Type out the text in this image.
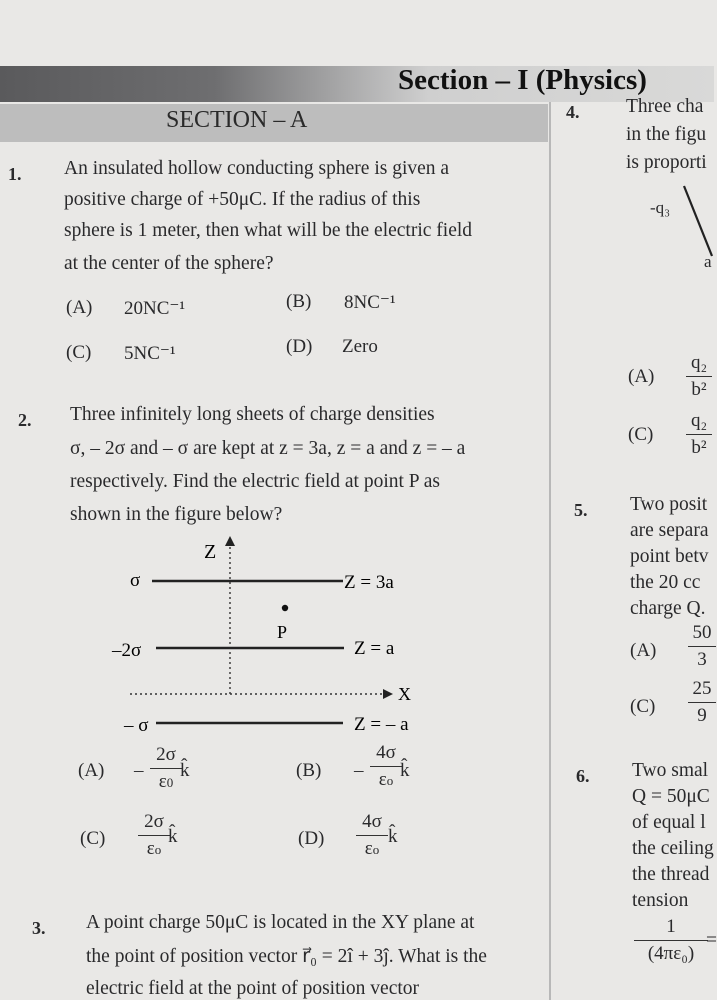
Section – I (Physics)
SECTION – A
1. An insulated hollow conducting sphere is given a
positive charge of +50μC. If the radius of this
sphere is 1 meter, then what will be the electric field
at the center of the sphere?
(A) 20NC⁻¹	(B) 8NC⁻¹
(C) 5NC⁻¹	(D) Zero
2. Three infinitely long sheets of charge densities
σ, – 2σ and – σ are kept at z = 3a, z = a and z = – a
respectively. Find the electric field at point P as
shown in the figure below?
Z
σ	Z = 3a
P
–2σ	Z = a
X
– σ	Z = – a
(A) –
2σ
ε0
k̂	(B) –
4σ
εo k̂
(C)
2σ
εo
k̂	(D)
4σ
εo
k̂
3. A point charge 50μC is located in the XY plane at
the point of position vector r⃗₀ = 2î + 3ĵ. What is the
electric field at the point of position vector
4. Three cha
in the figu
is proporti
-q₃
a
(A)
q₂
b²
(C)
q₂
b²
5. Two posit
are separa
point betv
the 20 cc
charge Q.
(A)
50
3
(C)
25
9
6. Two smal
Q = 50μC
of equal l
the ceiling
the thread
tension
1
(4πε₀)
=
